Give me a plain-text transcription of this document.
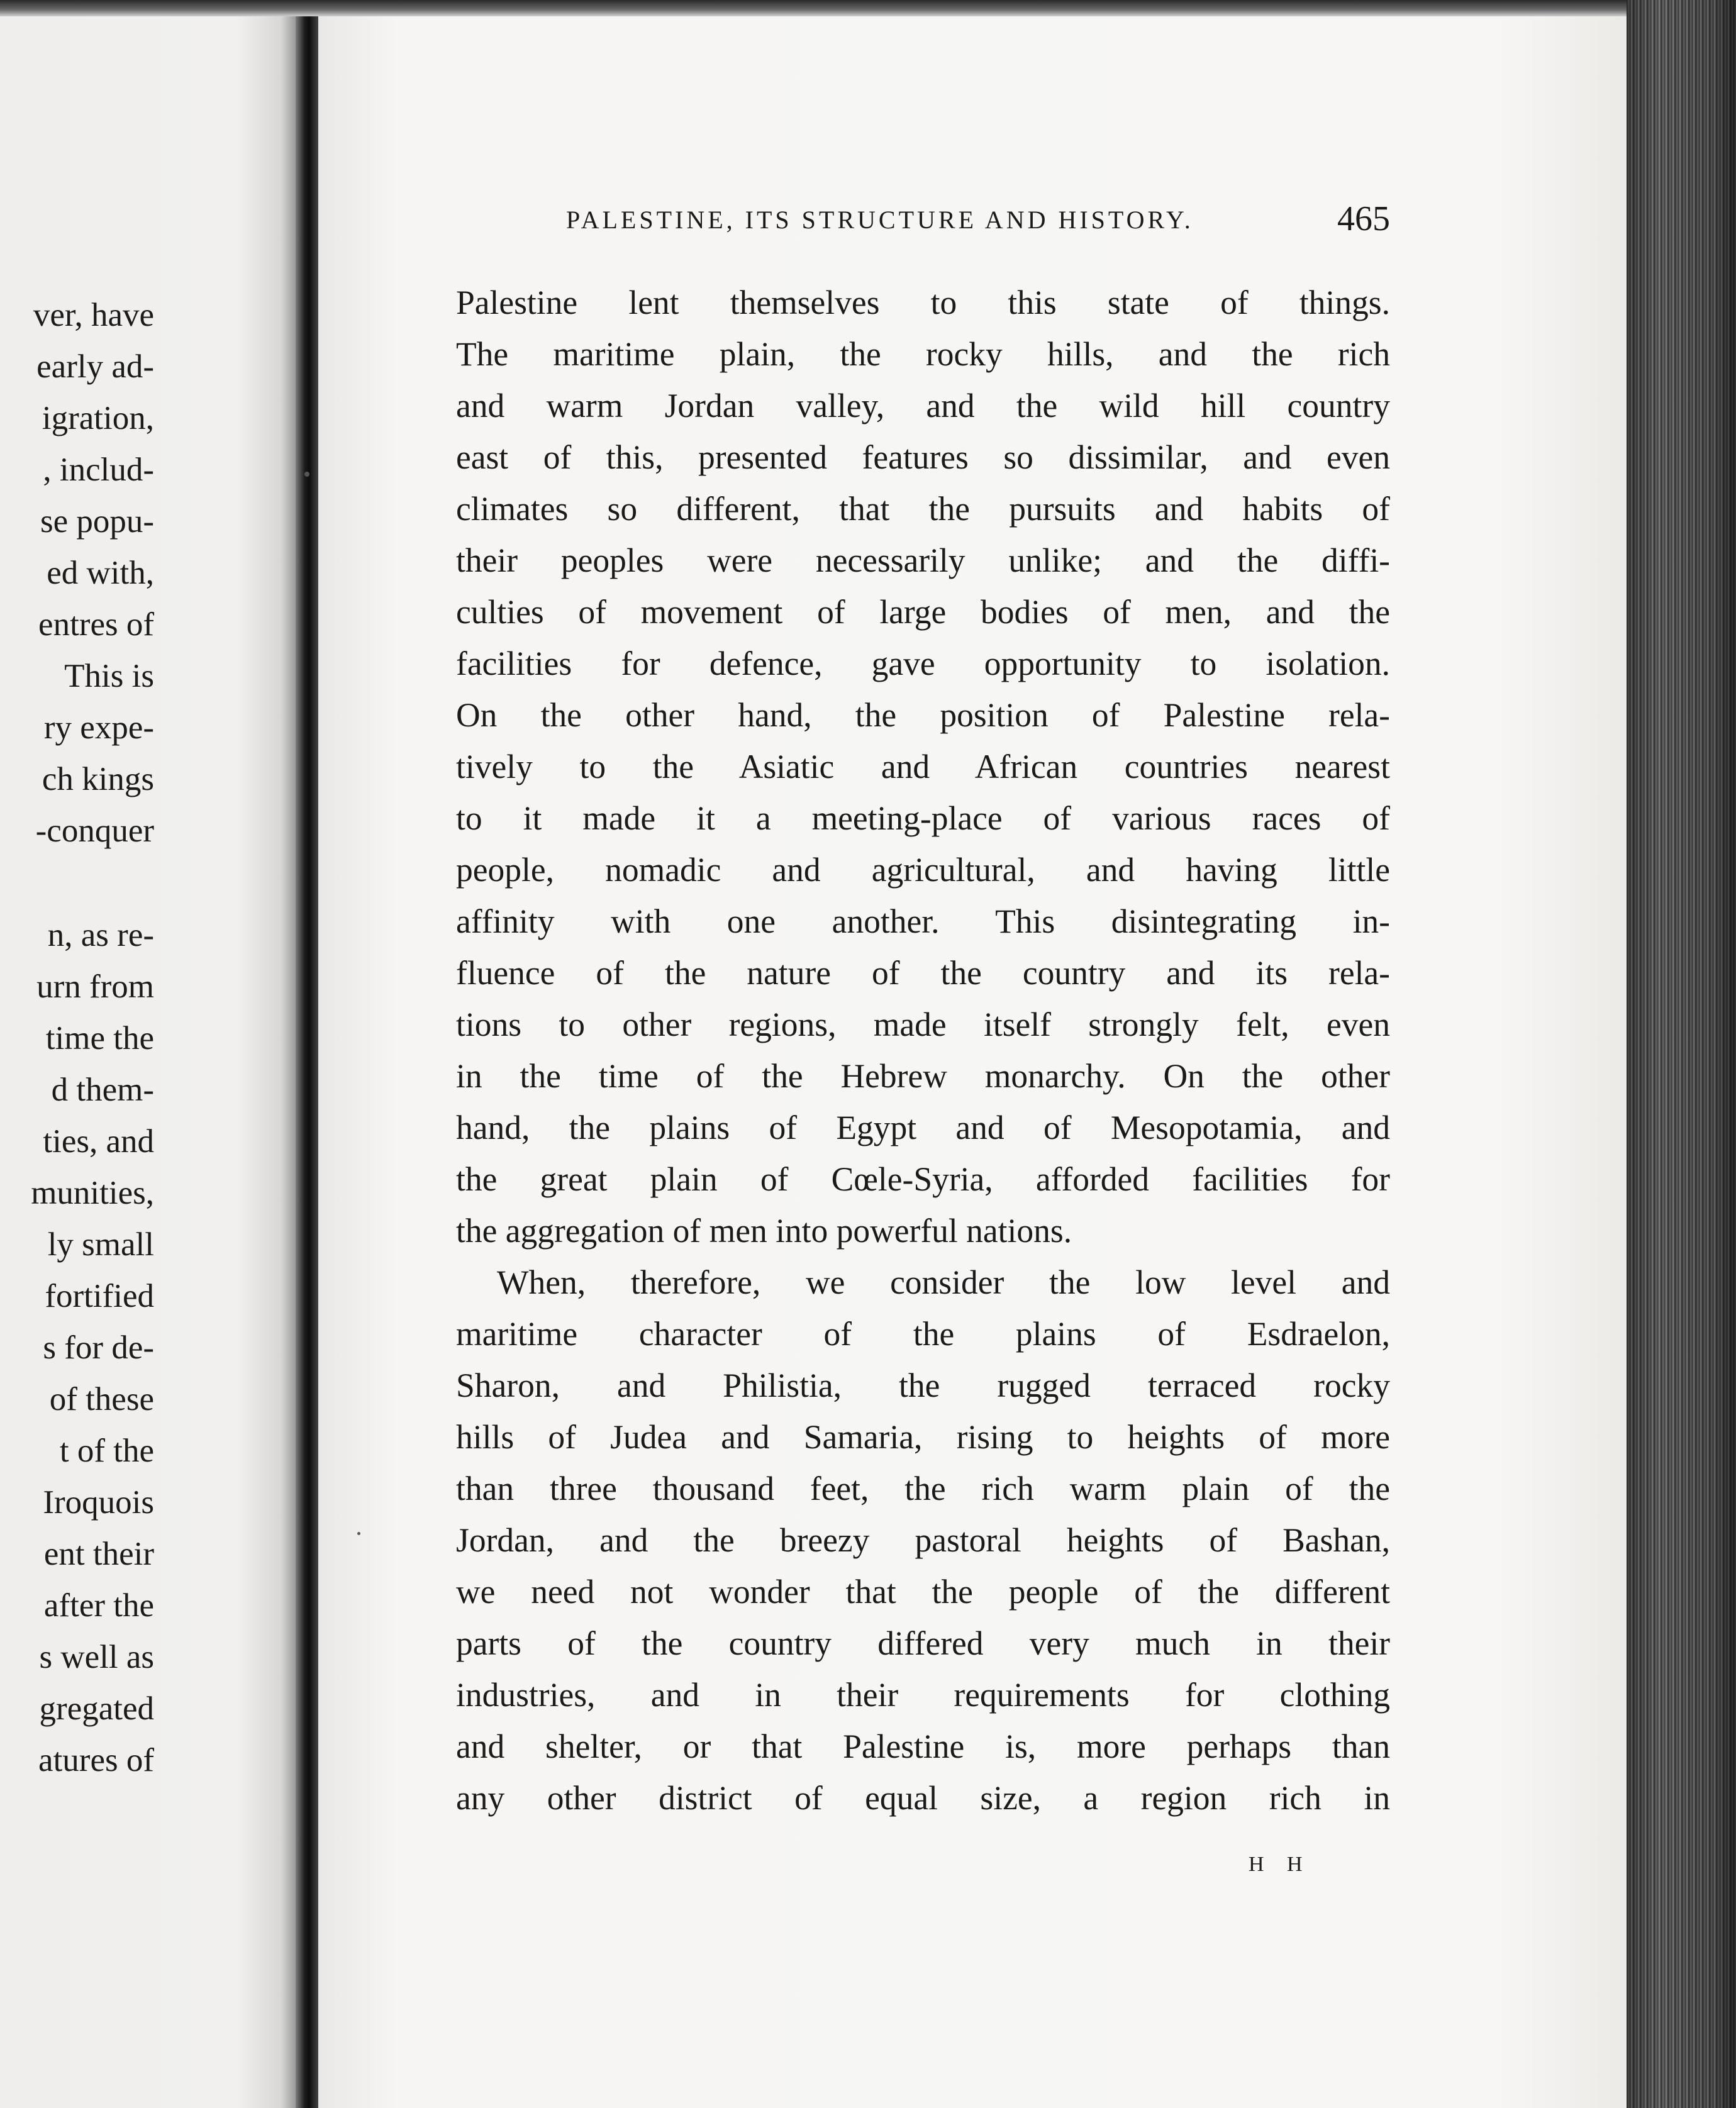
ver, have
early ad-
igration,
, includ-
se popu-
ed with,
entres of
This is
ry expe-
ch kings
-conquer
n, as re-
urn from
time the
d them-
ties, and
munities,
ly small
fortified
s for de-
of these
t of the
Iroquois
ent their
after the
s well as
gregated
atures of
PALESTINE, ITS STRUCTURE AND HISTORY.	465
Palestine lent themselves to this state of things.
The maritime plain, the rocky hills, and the rich
and warm Jordan valley, and the wild hill country
east of this, presented features so dissimilar, and even
climates so different, that the pursuits and habits of
their peoples were necessarily unlike; and the diffi-
culties of movement of large bodies of men, and the
facilities for defence, gave opportunity to isolation.
On the other hand, the position of Palestine rela-
tively to the Asiatic and African countries nearest
to it made it a meeting-place of various races of
people, nomadic and agricultural, and having little
affinity with one another. This disintegrating in-
fluence of the nature of the country and its rela-
tions to other regions, made itself strongly felt, even
in the time of the Hebrew monarchy. On the other
hand, the plains of Egypt and of Mesopotamia, and
the great plain of Cœle-Syria, afforded facilities for
the aggregation of men into powerful nations.
When, therefore, we consider the low level and
maritime character of the plains of Esdraelon,
Sharon, and Philistia, the rugged terraced rocky
hills of Judea and Samaria, rising to heights of more
than three thousand feet, the rich warm plain of the
Jordan, and the breezy pastoral heights of Bashan,
we need not wonder that the people of the different
parts of the country differed very much in their
industries, and in their requirements for clothing
and shelter, or that Palestine is, more perhaps than
any other district of equal size, a region rich in
H H
